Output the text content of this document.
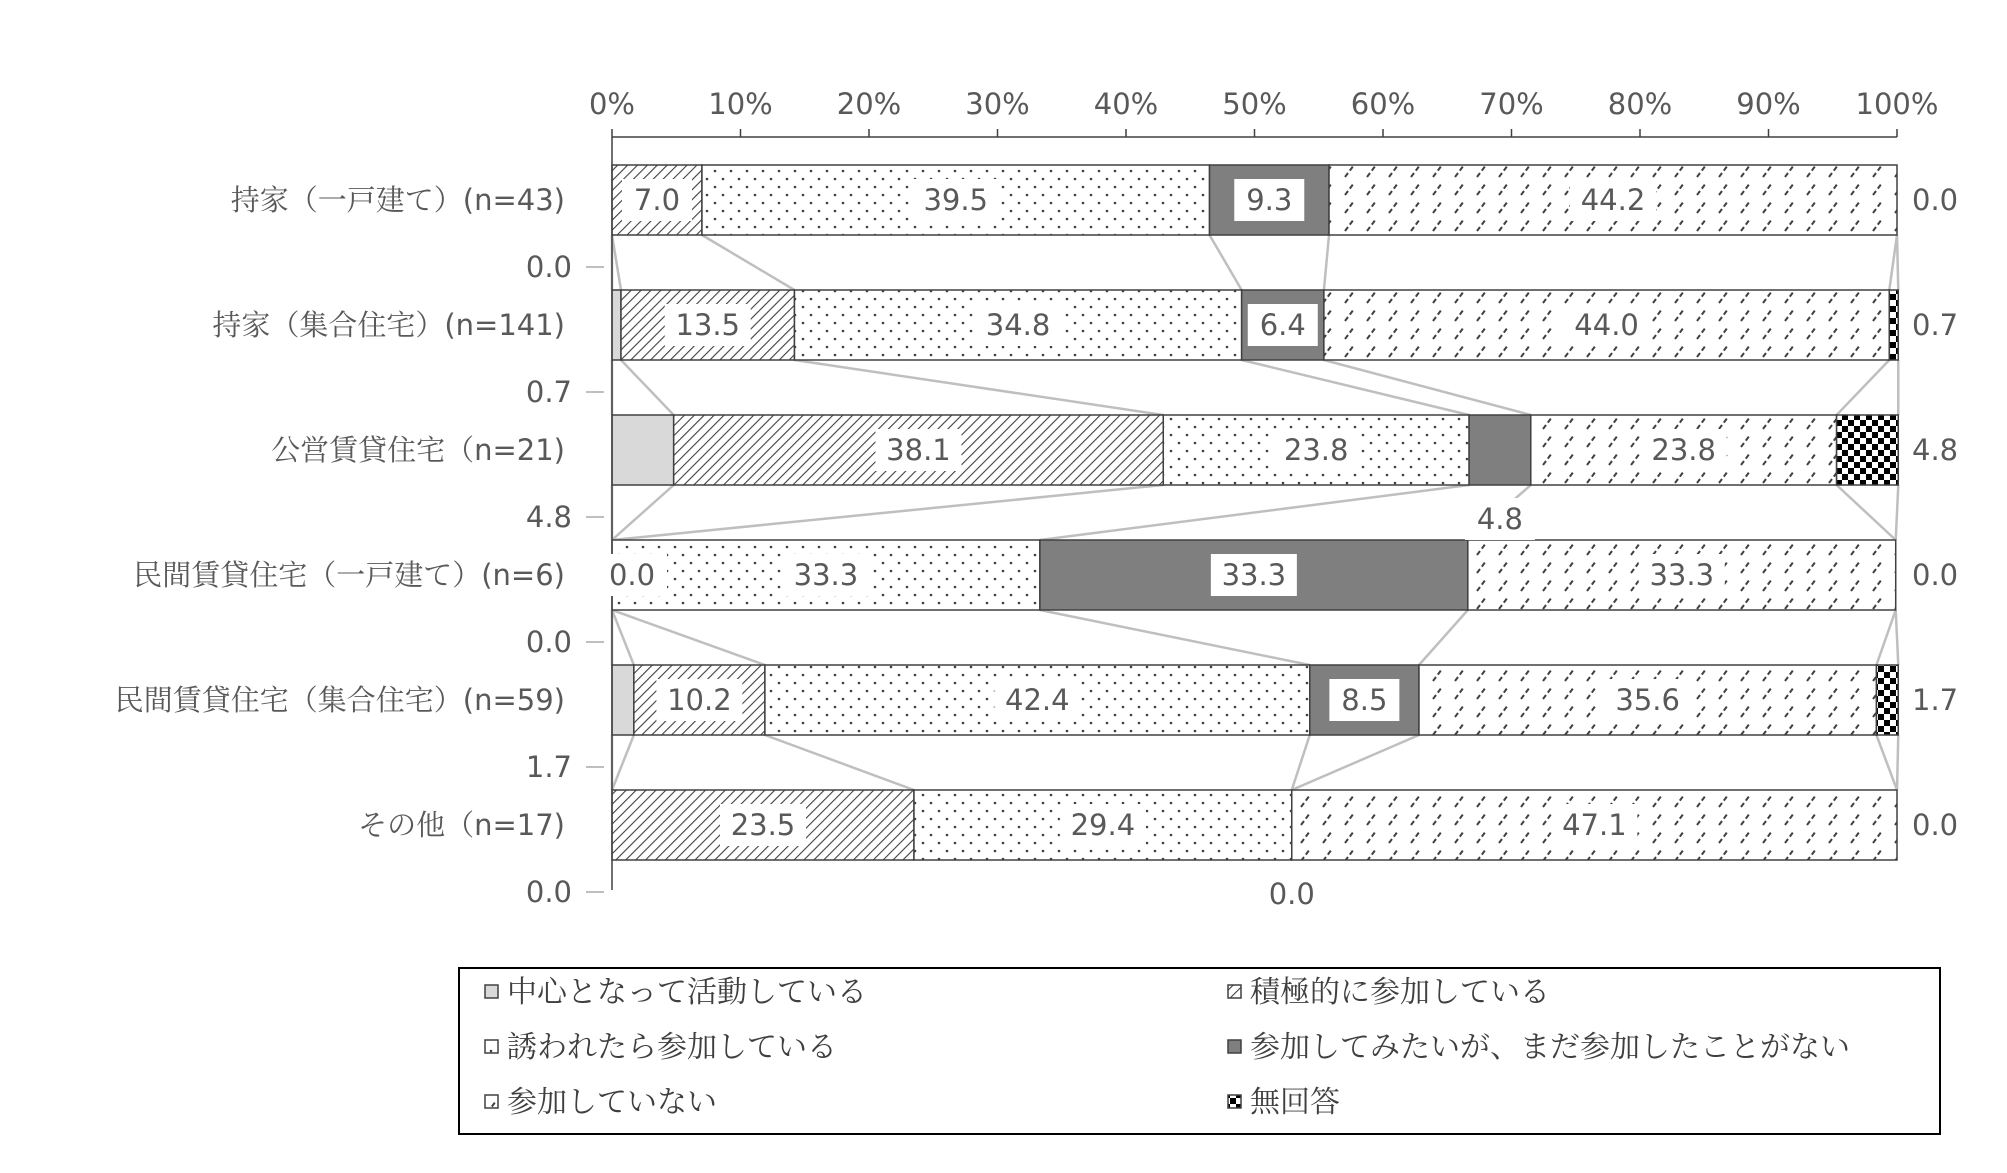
0%	10% 20% 30% 40% 50% 60% 70% 80% 90% 100%
持家（一戸建て）(n=43)
持家（集合住宅）(n=141)
公営賃貸住宅（n=21)
民間賃貸住宅（一戸建て）(n=6)
民間賃貸住宅（集合住宅）(n=59)
その他（n=17)
0.0
0.0
7.0	39.5	9.3	44.2
0.7
0.7
13.5	34.8	6.4	44.0
4.8
4.8
38.1	23.8
4.8
23.8
0.0
0.0
0.0	33.3	33.3	33.3
1.7
1.7
10.2	42.4	8.5	35.6
0.0
0.0
23.5	29.4
0.0
47.1
中心となって活動している	積極的に参加している
誘われたら参加している	参加してみたいが、まだ参加したことがない
参加していない	無回答
